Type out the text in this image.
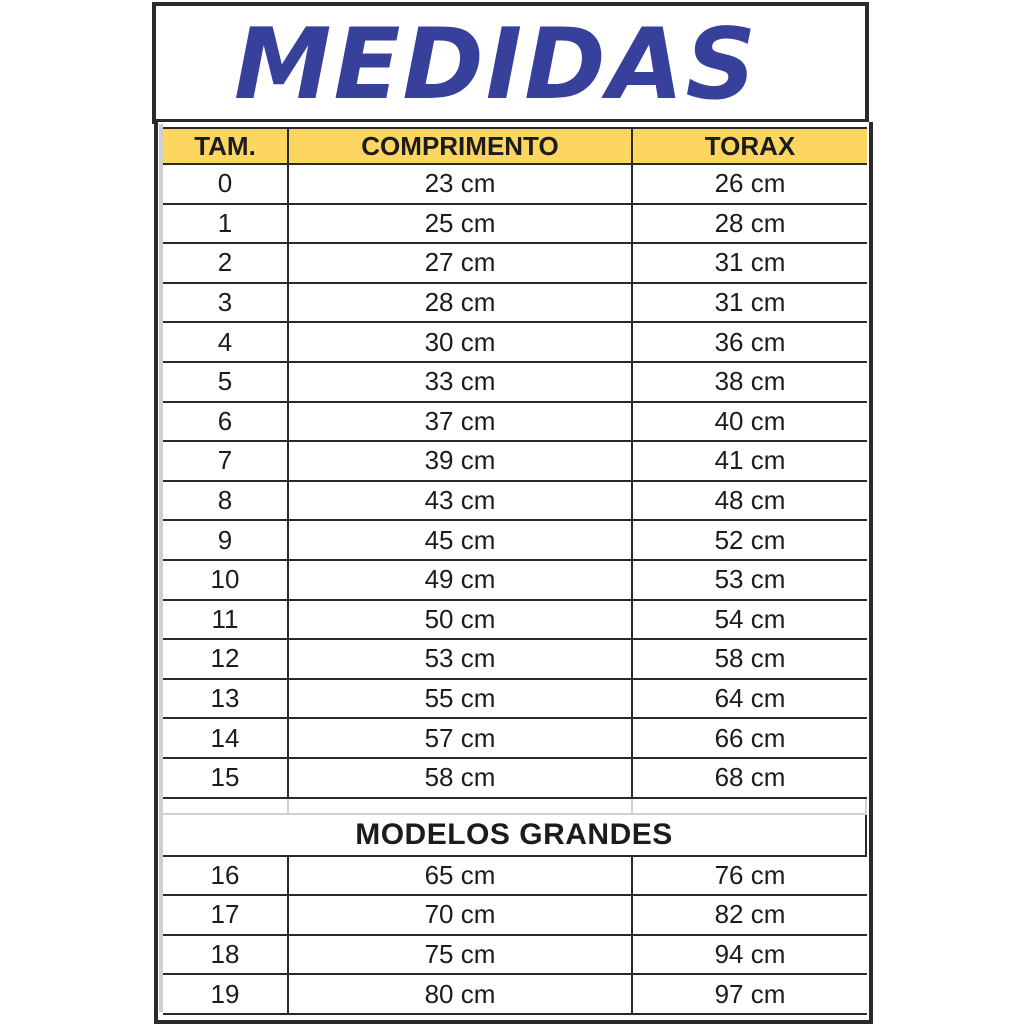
MEDIDAS
TAM.	COMPRIMENTO	TORAX
0	23 cm	26 cm
1	25 cm	28 cm
2	27 cm	31 cm
3	28 cm	31 cm
4	30 cm	36 cm
5	33 cm	38 cm
6	37 cm	40 cm
7	39 cm	41 cm
8	43 cm	48 cm
9	45 cm	52 cm
10	49 cm	53 cm
11	50 cm	54 cm
12	53 cm	58 cm
13	55 cm	64 cm
14	57 cm	66 cm
15	58 cm	68 cm
MODELOS GRANDES
16	65 cm	76 cm
17	70 cm	82 cm
18	75 cm	94 cm
19	80 cm	97 cm
